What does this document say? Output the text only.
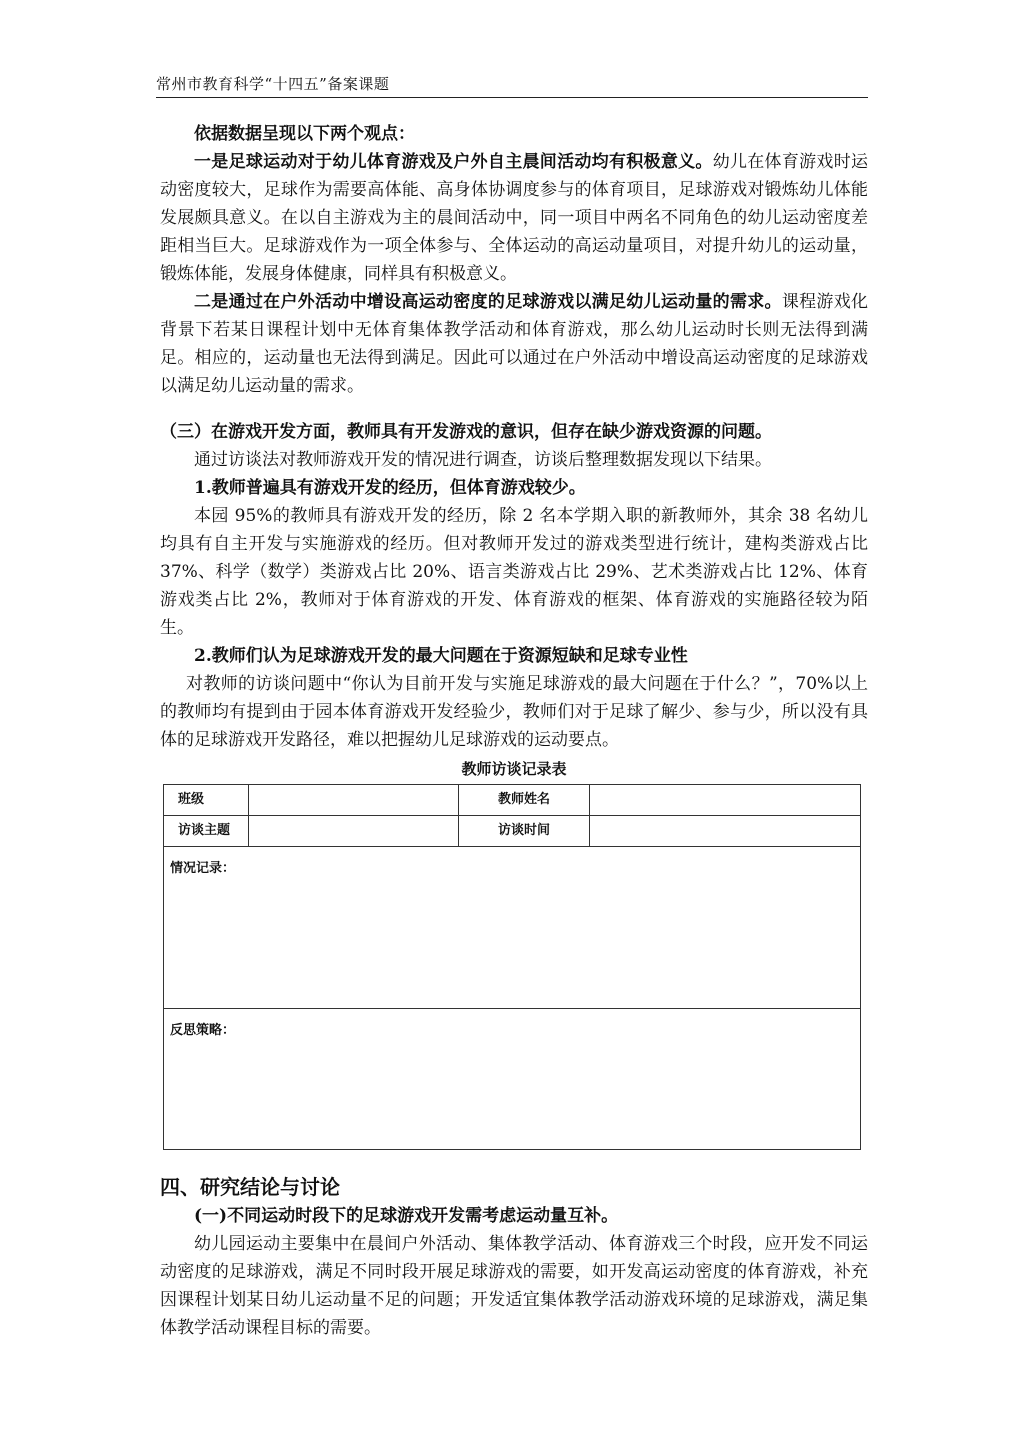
常州市教育科学“十四五”备案课题

依据数据呈现以下两个观点：

一是足球运动对于幼儿体育游戏及户外自主晨间活动均有积极意义。幼儿在体育游戏时运动密度较大，足球作为需要高体能、高身体协调度参与的体育项目，足球游戏对锻炼幼儿体能发展颇具意义。在以自主游戏为主的晨间活动中，同一项目中两名不同角色的幼儿运动密度差距相当巨大。足球游戏作为一项全体参与、全体运动的高运动量项目，对提升幼儿的运动量，锻炼体能，发展身体健康，同样具有积极意义。

二是通过在户外活动中增设高运动密度的足球游戏以满足幼儿运动量的需求。课程游戏化背景下若某日课程计划中无体育集体教学活动和体育游戏，那么幼儿运动时长则无法得到满足。相应的，运动量也无法得到满足。因此可以通过在户外活动中增设高运动密度的足球游戏以满足幼儿运动量的需求。

（三）在游戏开发方面，教师具有开发游戏的意识，但存在缺少游戏资源的问题。

通过访谈法对教师游戏开发的情况进行调查，访谈后整理数据发现以下结果。

1.教师普遍具有游戏开发的经历，但体育游戏较少。

本园 95%的教师具有游戏开发的经历，除 2 名本学期入职的新教师外，其余 38 名幼儿均具有自主开发与实施游戏的经历。但对教师开发过的游戏类型进行统计，建构类游戏占比 37%、科学（数学）类游戏占比 20%、语言类游戏占比 29%、艺术类游戏占比 12%、体育游戏类占比 2%，教师对于体育游戏的开发、体育游戏的框架、体育游戏的实施路径较为陌生。

2.教师们认为足球游戏开发的最大问题在于资源短缺和足球专业性

对教师的访谈问题中“你认为目前开发与实施足球游戏的最大问题在于什么？”，70%以上的教师均有提到由于园本体育游戏开发经验少，教师们对于足球了解少、参与少，所以没有具体的足球游戏开发路径，难以把握幼儿足球游戏的运动要点。

教师访谈记录表
班级		教师姓名	
访谈主题		访谈时间	
情况记录：			
反思策略：			

四、研究结论与讨论

(一)不同运动时段下的足球游戏开发需考虑运动量互补。

幼儿园运动主要集中在晨间户外活动、集体教学活动、体育游戏三个时段，应开发不同运动密度的足球游戏，满足不同时段开展足球游戏的需要，如开发高运动密度的体育游戏，补充因课程计划某日幼儿运动量不足的问题；开发适宜集体教学活动游戏环境的足球游戏，满足集体教学活动课程目标的需要。
